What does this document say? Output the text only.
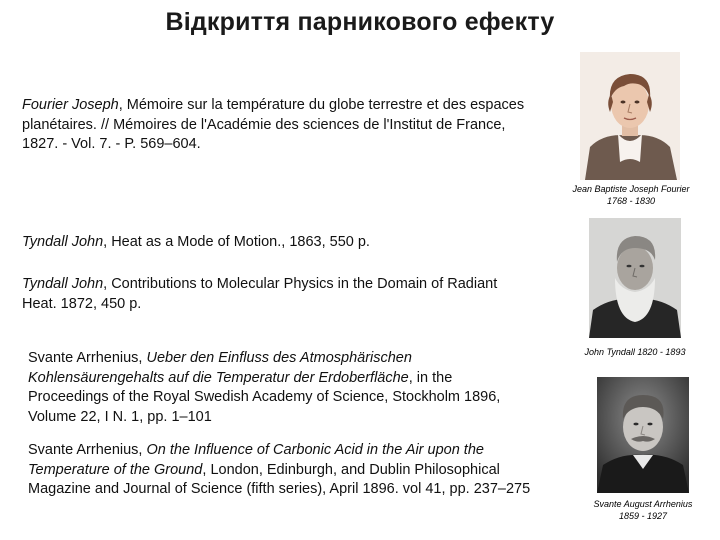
Відкриття парникового ефекту
Fourier Joseph, Mémoire sur la température du globe terrestre et des espaces planétaires. // Mémoires de l'Académie des sciences de l'Institut de France, 1827. - Vol. 7. - P. 569–604.
Tyndall John, Heat as a Mode of Motion., 1863, 550 p.
Tyndall John, Contributions to Molecular Physics in the Domain of Radiant Heat. 1872, 450 p.
Svante Arrhenius, Ueber den Einfluss des Atmosphärischen Kohlensäurengehalts auf die Temperatur der Erdoberfläche, in the Proceedings of the Royal Swedish Academy of Science, Stockholm 1896, Volume 22, I N. 1, pp. 1–101
Svante Arrhenius, On the Influence of Carbonic Acid in the Air upon the Temperature of the Ground, London, Edinburgh, and Dublin Philosophical Magazine and Journal of Science (fifth series), April 1896. vol 41, pp. 237–275
Jean Baptiste Joseph Fourier
1768 - 1830
John Tyndall 1820 - 1893
Svante August Arrhenius
1859 - 1927
